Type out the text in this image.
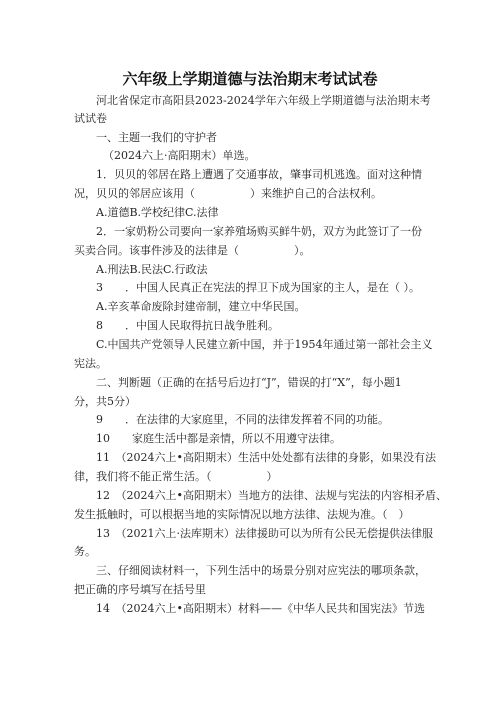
六年级上学期道德与法治期末考试试卷
河北省保定市高阳县2023-2024学年六年级上学期道德与法治期末考
试试卷
一、主题一我们的守护者
（2024六上·高阳期末）单选。
1．贝贝的邻居在路上遭遇了交通事故，肇事司机逃逸。面对这种情
况，贝贝的邻居应该用（　　　　　）来维护自己的合法权利。
A.道德B.学校纪律C.法律
2．一家奶粉公司要向一家养殖场购买鲜牛奶，双方为此签订了一份
买卖合同。该事件涉及的法律是（　　　　　）。
A.刑法B.民法C.行政法
3　　．中国人民真正在宪法的捍卫下成为国家的主人，是在（ ）。
A.辛亥革命废除封建帝制，建立中华民国。
8　　．中国人民取得抗日战争胜利。
C.中国共产党领导人民建立新中国，并于1954年通过第一部社会主义
宪法。
二、判断题（正确的在括号后边打“J”，错误的打“X”，每小题1
分，共5分）
9　　．在法律的大家庭里，不同的法律发挥着不同的功能。
10　　家庭生活中都是亲情，所以不用遵守法律。
11　（2024六上•高阳期末）生活中处处都有法律的身影，如果没有法
律，我们将不能正常生活。（　　　　　）
12　（2024六上•高阳期末）当地方的法律、法规与宪法的内容相矛盾、
发生抵触时，可以根据当地的实际情况以地方法律、法规为准。（　）
13　（2021六上·法库期末）法律援助可以为所有公民无偿提供法律服
务。
三、仔细阅读材料一，下列生活中的场景分别对应宪法的哪项条款，
把正确的序号填写在括号里
14　（2024六上•高阳期末）材料——《中华人民共和国宪法》节选
